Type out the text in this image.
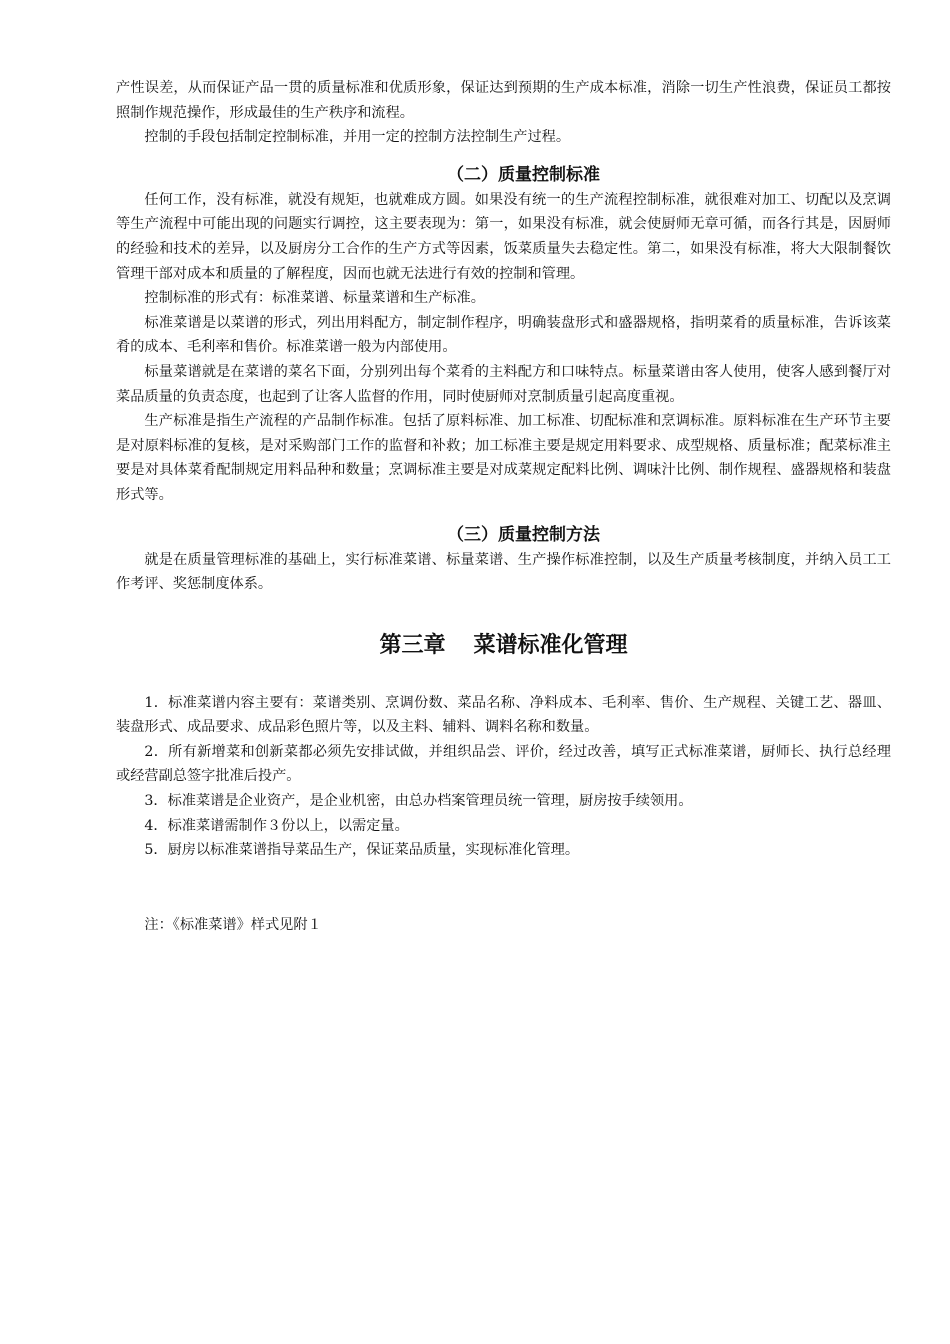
产性误差，从而保证产品一贯的质量标准和优质形象，保证达到预期的生产成本标准，消除一切生产性浪费，保证员工都按照制作规范操作，形成最佳的生产秩序和流程。

控制的手段包括制定控制标准，并用一定的控制方法控制生产过程。

（二）质量控制标准

任何工作，没有标准，就没有规矩，也就难成方圆。如果没有统一的生产流程控制标准，就很难对加工、切配以及烹调等生产流程中可能出现的问题实行调控，这主要表现为：第一，如果没有标准，就会使厨师无章可循，而各行其是，因厨师的经验和技术的差异，以及厨房分工合作的生产方式等因素，饭菜质量失去稳定性。第二，如果没有标准，将大大限制餐饮管理干部对成本和质量的了解程度，因而也就无法进行有效的控制和管理。

控制标准的形式有：标准菜谱、标量菜谱和生产标准。

标准菜谱是以菜谱的形式，列出用料配方，制定制作程序，明确装盘形式和盛器规格，指明菜肴的质量标准，告诉该菜肴的成本、毛利率和售价。标准菜谱一般为内部使用。

标量菜谱就是在菜谱的菜名下面，分别列出每个菜肴的主料配方和口味特点。标量菜谱由客人使用，使客人感到餐厅对菜品质量的负责态度，也起到了让客人监督的作用，同时使厨师对烹制质量引起高度重视。

生产标准是指生产流程的产品制作标准。包括了原料标准、加工标准、切配标准和烹调标准。原料标准在生产环节主要是对原料标准的复核，是对采购部门工作的监督和补救；加工标准主要是规定用料要求、成型规格、质量标准；配菜标准主要是对具体菜肴配制规定用料品种和数量；烹调标准主要是对成菜规定配料比例、调味汁比例、制作规程、盛器规格和装盘形式等。

（三）质量控制方法

就是在质量管理标准的基础上，实行标准菜谱、标量菜谱、生产操作标准控制，以及生产质量考核制度，并纳入员工工作考评、奖惩制度体系。

第三章 菜谱标准化管理

1．标准菜谱内容主要有：菜谱类别、烹调份数、菜品名称、净料成本、毛利率、售价、生产规程、关键工艺、器皿、装盘形式、成品要求、成品彩色照片等，以及主料、辅料、调料名称和数量。

2．所有新增菜和创新菜都必须先安排试做，并组织品尝、评价，经过改善，填写正式标准菜谱，厨师长、执行总经理或经营副总签字批准后投产。

3．标准菜谱是企业资产，是企业机密，由总办档案管理员统一管理，厨房按手续领用。

4．标准菜谱需制作３份以上，以需定量。

5．厨房以标准菜谱指导菜品生产，保证菜品质量，实现标准化管理。

注：《标准菜谱》样式见附１
